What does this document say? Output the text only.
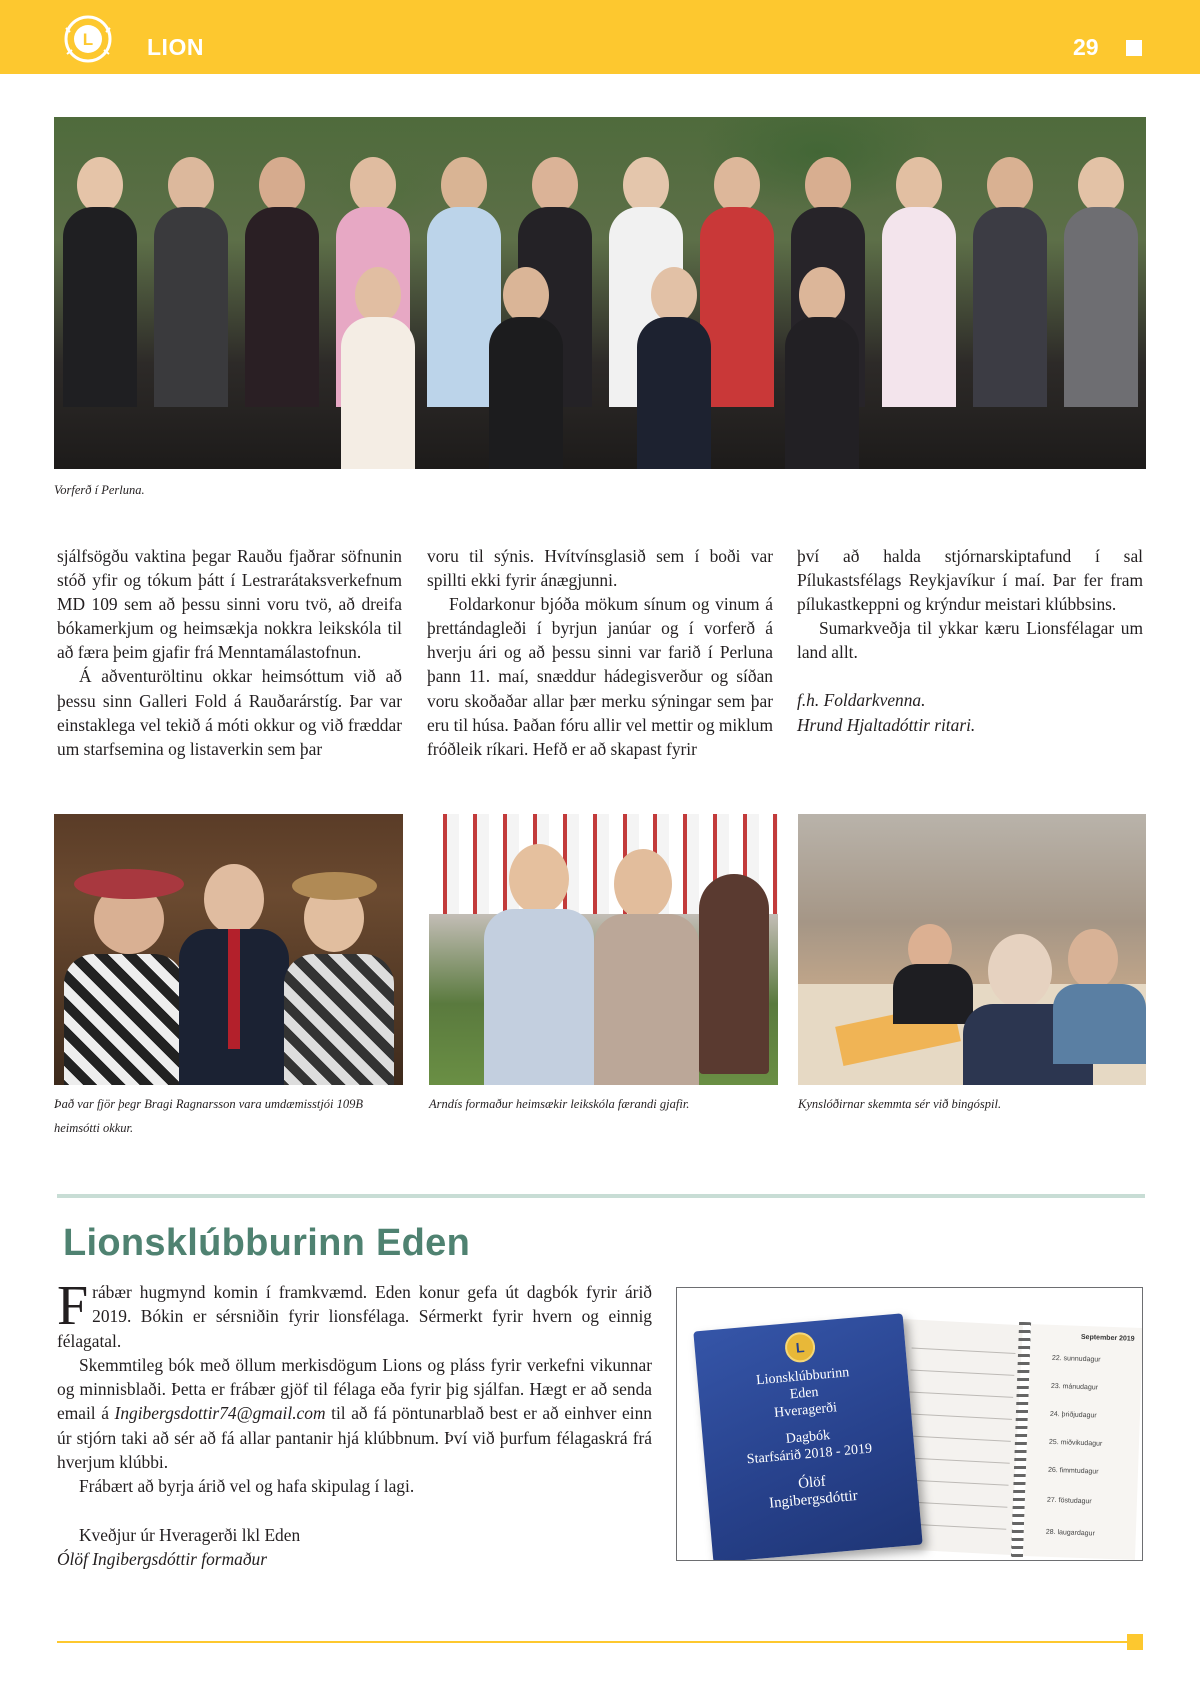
L LION	29
Vorferð í Perluna.

sjálfsögðu vaktina þegar Rauðu fjaðrar söfnunin stóð yfir og tókum þátt í Lestrarátaksverkefnum MD 109 sem að þessu sinni voru tvö, að dreifa bókamerkjum og heimsækja nokkra leikskóla til að færa þeim gjafir frá Menntamálastofnun.

Á aðventuröltinu okkar heimsóttum við að þessu sinn Galleri Fold á Rauðarárstíg. Þar var einstaklega vel tekið á móti okkur og við fræddar um starfsemina og listaverkin sem þar

voru til sýnis. Hvítvínsglasið sem í boði var spillti ekki fyrir ánægjunni.

Foldarkonur bjóða mökum sínum og vinum á þrettándagleði í byrjun janúar og í vorferð á hverju ári og að þessu sinni var farið í Perluna þann 11. maí, snæddur hádegisverður og síðan voru skoðaðar allar þær merku sýningar sem þar eru til húsa. Þaðan fóru allir vel mettir og miklum fróðleik ríkari. Hefð er að skapast fyrir

því að halda stjórnarskiptafund í sal Pílukastsfélags Reykjavíkur í maí. Þar fer fram pílukastkeppni og krýndur meistari klúbbsins.

Sumarkveðja til ykkar kæru Lionsfélagar um land allt.

f.h. Foldarkvenna.

Hrund Hjaltadóttir ritari.

Það var fjör þegr Bragi Ragnarsson vara umdæmisstjói 109B heimsótti okkur.
Arndís formaður heimsækir leikskóla færandi gjafir.	Kynslóðirnar skemmta sér við bingóspil.
Lionsklúbburinn Eden

Frábær hugmynd komin í framkvæmd. Eden konur gefa út dagbók fyrir árið 2019. Bókin er sérsniðin fyrir lionsfélaga. Sérmerkt fyrir hvern og einnig félagatal.

Skemmtileg bók með öllum merkisdögum Lions og pláss fyrir verkefni vikunnar og minnisblaði. Þetta er frábær gjöf til félaga eða fyrir þig sjálfan. Hægt er að senda email á Ingibergsdottir74@gmail.com til að fá pöntunarblað best er að einhver einn úr stjórn taki að sér að fá allar pantanir hjá klúbbnum. Því við þurfum félagaskrá frá hverjum klúbbi.

Frábært að byrja árið vel og hafa skipulag í lagi.

Kveðjur úr Hveragerði lkl Eden

Ólöf Ingibergsdóttir formaður

September 2019
22. sunnudagur
23. mánudagur
24. þriðjudagur
25. miðvikudagur
26. fimmtudagur
27. föstudagur
28. laugardagur
L
Lionsklúbburinn
Eden
Hveragerði
Dagbók
Starfsárið 2018 - 2019
Ólöf
Ingibergsdóttir
